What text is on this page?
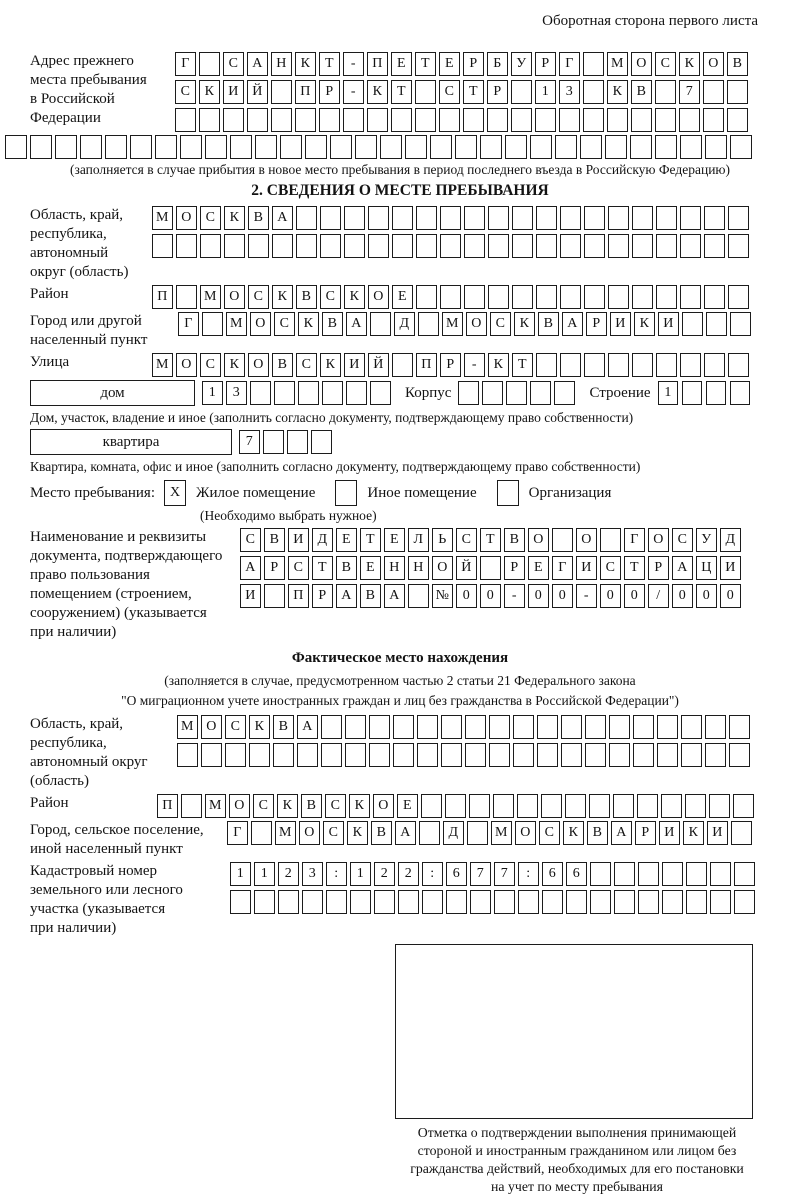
Оборотная сторона первого листа
Адрес прежнего
места пребывания
в Российской
Федерации
Г	С	А Н	К	Т	-	П	Е	Т	Е	Р	Б	У	Р	Г	М О	С	К	О	В
С	К	И Й	П	Р	-	К	Т	С	Т	Р	1	3	К	В	7
(заполняется в случае прибытия в новое место пребывания в период последнего въезда в Российскую Федерацию)
2. СВЕДЕНИЯ О МЕСТЕ ПРЕБЫВАНИЯ
Область, край,
республика,
автономный
округ (область)
М О	С	К	В	А
Район	П	М О	С	К	В	С	К	О	Е
Город или другой
населенный пункт
Г	М О	С	К	В	А	Д	М О	С	К	В	А	Р	И	К	И
Улица	М О	С	К	О	В	С	К	И Й	П	Р	-	К	Т
дом	1	3	Корпус	Строение 1
Дом, участок, владение и иное (заполнить согласно документу, подтверждающему право собственности)
квартира	7
Квартира, комната, офис и иное (заполнить согласно документу, подтверждающему право собственности)
Место пребывания:	X	Жилое помещение	Иное помещение	Организация
(Необходимо выбрать нужное)
Наименование и реквизиты
документа, подтверждающего
право пользования
помещением (строением,
сооружением) (указывается
при наличии)
С	В	И	Д	Е	Т	Е	Л	Ь	С	Т	В	О	О	Г	О	С	У	Д
А	Р	С	Т	В	Е	Н Н О Й	Р	Е	Г	И	С	Т	Р	А Ц И
И	П	Р	А	В	А	№ 0	0	-	0	0	-	0	0	/	0	0	0
Фактическое место нахождения
(заполняется в случае, предусмотренном частью 2 статьи 21 Федерального закона
"О миграционном учете иностранных граждан и лиц без гражданства в Российской Федерации")
Область, край,
республика,
автономный округ
(область)
М О	С	К	В	А
Район	П	М О	С	К	В	С	К	О	Е
Город, сельское поселение,
иной населенный пункт
Г	М О	С	К	В	А	Д	М О	С	К	В	А	Р	И	К	И
Кадастровый номер
земельного или лесного
участка (указывается
при наличии)
1	1	2	3	:	1	2	2	:	6	7	7	:	6	6
Отметка о подтверждении выполнения принимающей
стороной и иностранным гражданином или лицом без
гражданства действий, необходимых для его постановки
на учет по месту пребывания
